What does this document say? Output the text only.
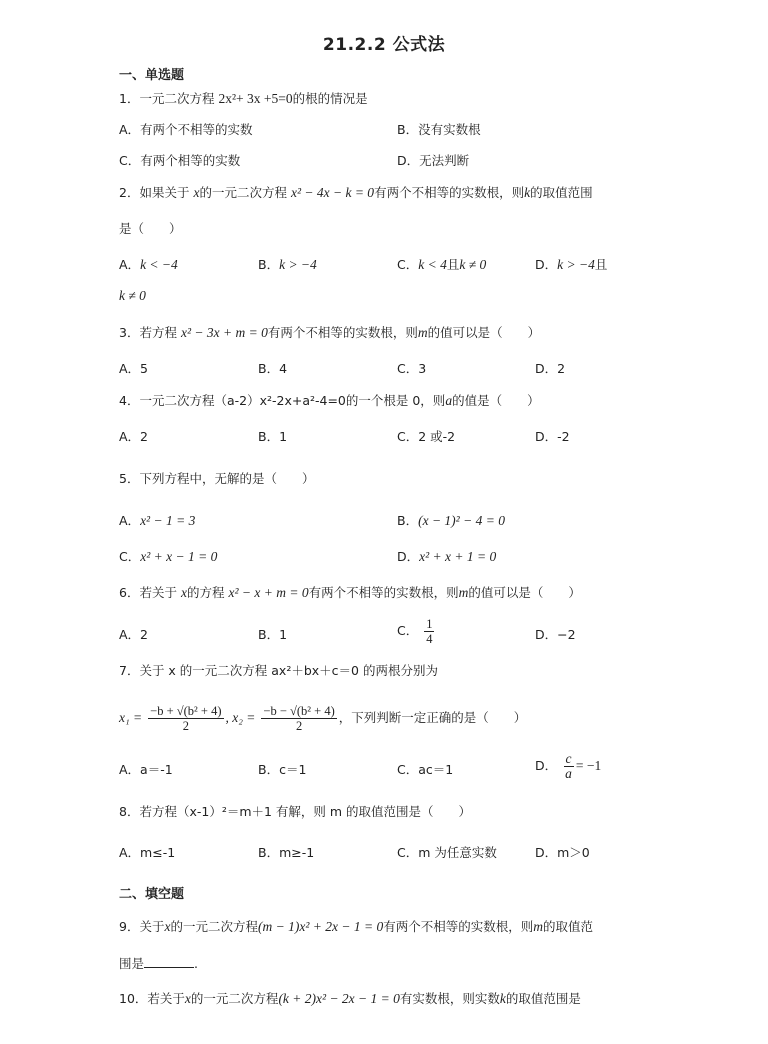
21.2.2 公式法
一、单选题
1．一元二次方程 2x²+ 3x +5=0的根的情况是
A．有两个不相等的实数	B．没有实数根
C．有两个相等的实数	D．无法判断
2．如果关于 x的一元二次方程 x² − 4x − k = 0有两个不相等的实数根，则k的取值范围
是（　　）
A．k < −4	B．k > −4	C．k < 4且k ≠ 0	D．k > −4且
k ≠ 0
3．若方程 x² − 3x + m = 0有两个不相等的实数根，则m的值可以是（　　）
A．5	B．4	C．3	D．2
4．一元二次方程（a-2）x²-2x+a²-4=0的一个根是 0，则a的值是（　　）
A．2	B．1	C．2 或-2	D．-2
5．下列方程中，无解的是（　　）
A．x² − 1 = 3	B．(x − 1)² − 4 = 0
C．x² + x − 1 = 0	D．x² + x + 1 = 0
6．若关于 x的方程 x² − x + m = 0有两个不相等的实数根，则m的值可以是（　　）
A．2	B．1	C． $\frac{1}{4}$	D．−2
7．关于 x 的一元二次方程 ax²＋bx＋c＝0 的两根分别为
$x_1 = \frac{\text{−b + √(b² + 4)}}{2}$ , $x_2 = \frac{\text{−b − √(b² + 4)}}{2}$ ，下列判断一定正确的是（　　）
A．a＝-1	B．c＝1	C．ac＝1	D． $\frac{c}{a} = -1$
8．若方程（x-1）²＝m＋1 有解，则 m 的取值范围是（　　）
A．m≤-1	B．m≥-1	C．m 为任意实数	D．m＞0
二、填空题
9．关于x的一元二次方程(m − 1)x² + 2x − 1 = 0有两个不相等的实数根，则m的取值范
围是	.
10．若关于x的一元二次方程(k + 2)x² − 2x − 1 = 0有实数根，则实数k的取值范围是
